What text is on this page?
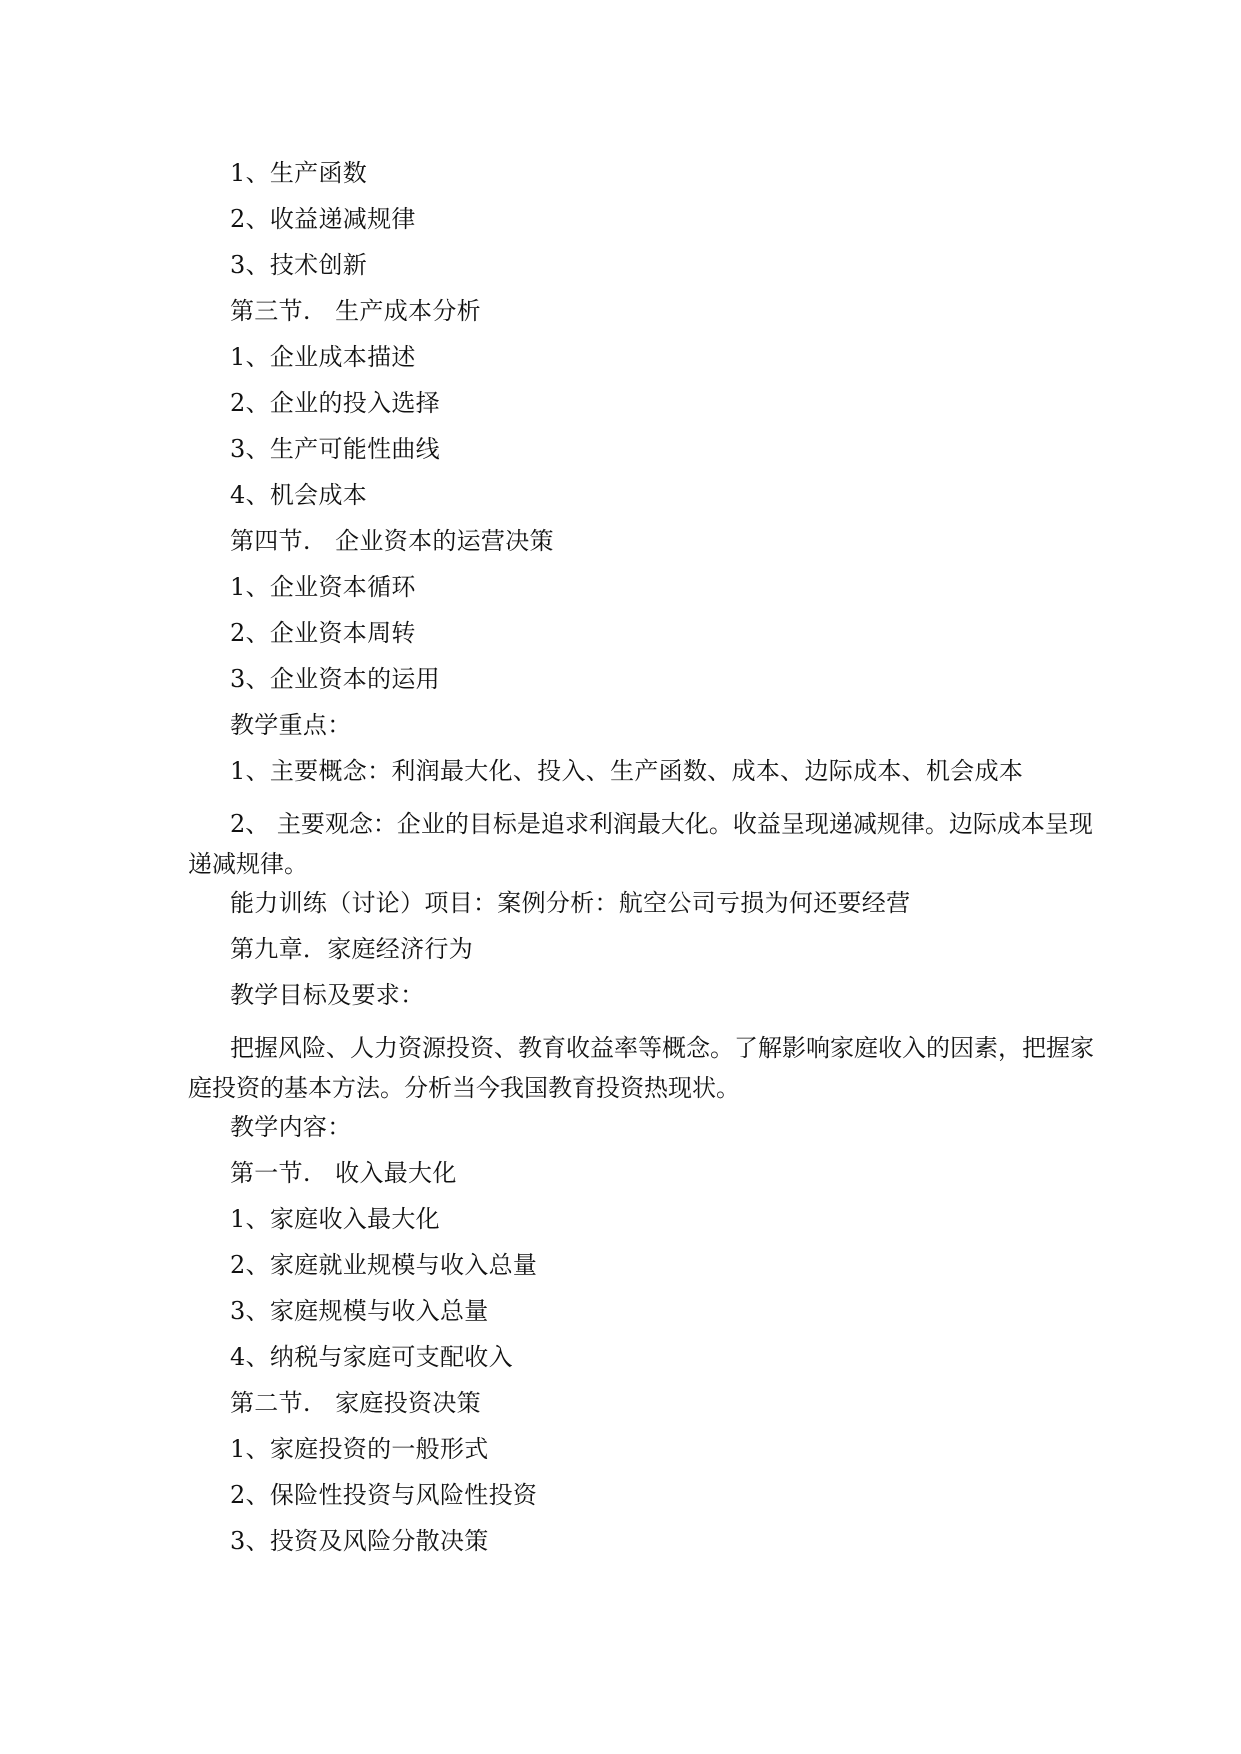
1、生产函数

2、收益递减规律

3、技术创新

第三节.　生产成本分析

1、企业成本描述

2、企业的投入选择

3、生产可能性曲线

4、机会成本

第四节.　企业资本的运营决策

1、企业资本循环

2、企业资本周转

3、企业资本的运用

教学重点：

1、主要概念：利润最大化、投入、生产函数、成本、边际成本、机会成本

2、 主要观念：企业的目标是追求利润最大化。收益呈现递减规律。边际成本呈现递减规律。

能力训练（讨论）项目：案例分析：航空公司亏损为何还要经营

第九章．家庭经济行为

教学目标及要求：

把握风险、人力资源投资、教育收益率等概念。了解影响家庭收入的因素，把握家庭投资的基本方法。分析当今我国教育投资热现状。

教学内容：

第一节.　收入最大化

1、家庭收入最大化

2、家庭就业规模与收入总量

3、家庭规模与收入总量

4、纳税与家庭可支配收入

第二节.　家庭投资决策

1、家庭投资的一般形式

2、保险性投资与风险性投资

3、投资及风险分散决策
